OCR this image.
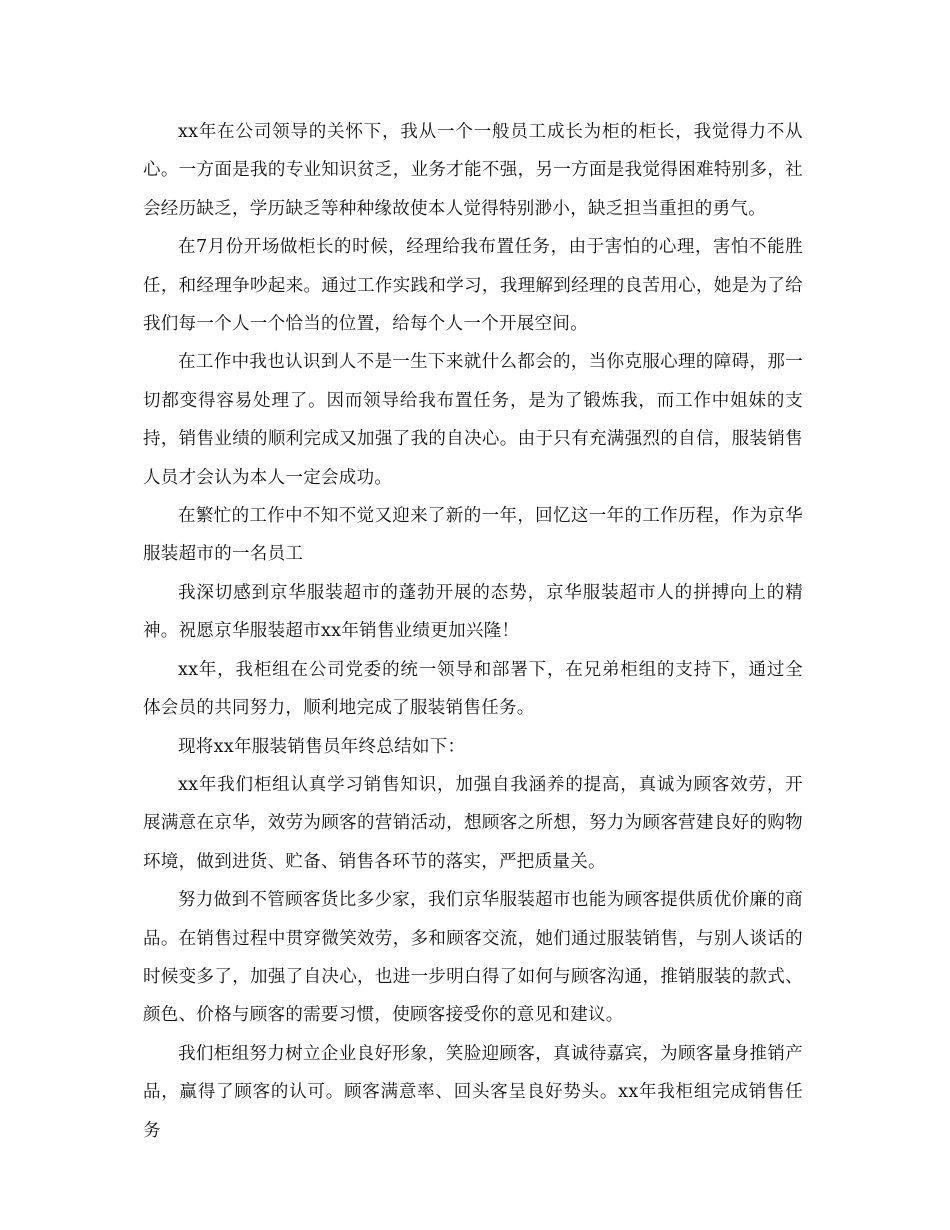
xx年在公司领导的关怀下，我从一个一般员工成长为柜的柜长，我觉得力不从心。一方面是我的专业知识贫乏，业务才能不强，另一方面是我觉得困难特别多，社会经历缺乏，学历缺乏等种种缘故使本人觉得特别渺小，缺乏担当重担的勇气。

在7月份开场做柜长的时候，经理给我布置任务，由于害怕的心理，害怕不能胜任，和经理争吵起来。通过工作实践和学习，我理解到经理的良苦用心，她是为了给我们每一个人一个恰当的位置，给每个人一个开展空间。

在工作中我也认识到人不是一生下来就什么都会的，当你克服心理的障碍，那一切都变得容易处理了。因而领导给我布置任务，是为了锻炼我，而工作中姐妹的支持，销售业绩的顺利完成又加强了我的自决心。由于只有充满强烈的自信，服装销售人员才会认为本人一定会成功。

在繁忙的工作中不知不觉又迎来了新的一年，回忆这一年的工作历程，作为京华服装超市的一名员工

我深切感到京华服装超市的蓬勃开展的态势，京华服装超市人的拼搏向上的精神。祝愿京华服装超市xx年销售业绩更加兴隆！

xx年，我柜组在公司党委的统一领导和部署下，在兄弟柜组的支持下，通过全体会员的共同努力，顺利地完成了服装销售任务。

现将xx年服装销售员年终总结如下：

xx年我们柜组认真学习销售知识，加强自我涵养的提高，真诚为顾客效劳，开展满意在京华，效劳为顾客的营销活动，想顾客之所想，努力为顾客营建良好的购物环境，做到进货、贮备、销售各环节的落实，严把质量关。

努力做到不管顾客货比多少家，我们京华服装超市也能为顾客提供质优价廉的商品。在销售过程中贯穿微笑效劳，多和顾客交流，她们通过服装销售，与别人谈话的时候变多了，加强了自决心，也进一步明白得了如何与顾客沟通，推销服装的款式、颜色、价格与顾客的需要习惯，使顾客接受你的意见和建议。

我们柜组努力树立企业良好形象，笑脸迎顾客，真诚待嘉宾，为顾客量身推销产品，赢得了顾客的认可。顾客满意率、回头客呈良好势头。xx年我柜组完成销售任务
